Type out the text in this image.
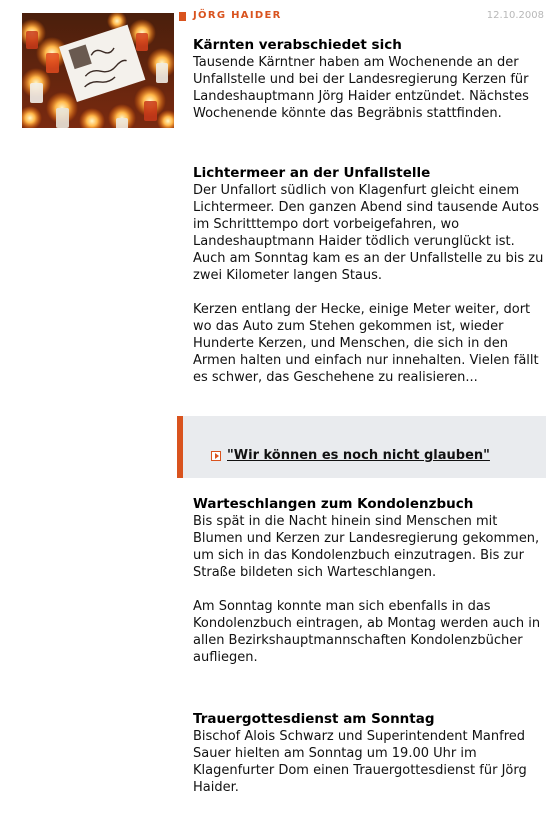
JÖRG HAIDER	12.10.2008
Kärnten verabschiedet sich

Tausende Kärntner haben am Wochenende an der Unfallstelle und bei der Landesregierung Kerzen für Landeshauptmann Jörg Haider entzündet. Nächstes Wochenende könnte das Begräbnis stattfinden.

Lichtermeer an der Unfallstelle

Der Unfallort südlich von Klagenfurt gleicht einem Lichtermeer. Den ganzen Abend sind tausende Autos im Schritttempo dort vorbeigefahren, wo Landeshauptmann Haider tödlich verunglückt ist. Auch am Sonntag kam es an der Unfallstelle zu bis zu zwei Kilometer langen Staus.

Kerzen entlang der Hecke, einige Meter weiter, dort wo das Auto zum Stehen gekommen ist, wieder Hunderte Kerzen, und Menschen, die sich in den Armen halten und einfach nur innehalten. Vielen fällt es schwer, das Geschehene zu realisieren...

"Wir können es noch nicht glauben"
Warteschlangen zum Kondolenzbuch

Bis spät in die Nacht hinein sind Menschen mit Blumen und Kerzen zur Landesregierung gekommen, um sich in das Kondolenzbuch einzutragen. Bis zur Straße bildeten sich Warteschlangen.

Am Sonntag konnte man sich ebenfalls in das Kondolenzbuch eintragen, ab Montag werden auch in allen Bezirkshauptmannschaften Kondolenzbücher aufliegen.

Trauergottesdienst am Sonntag

Bischof Alois Schwarz und Superintendent Manfred Sauer hielten am Sonntag um 19.00 Uhr im Klagenfurter Dom einen Trauergottesdienst für Jörg Haider.
